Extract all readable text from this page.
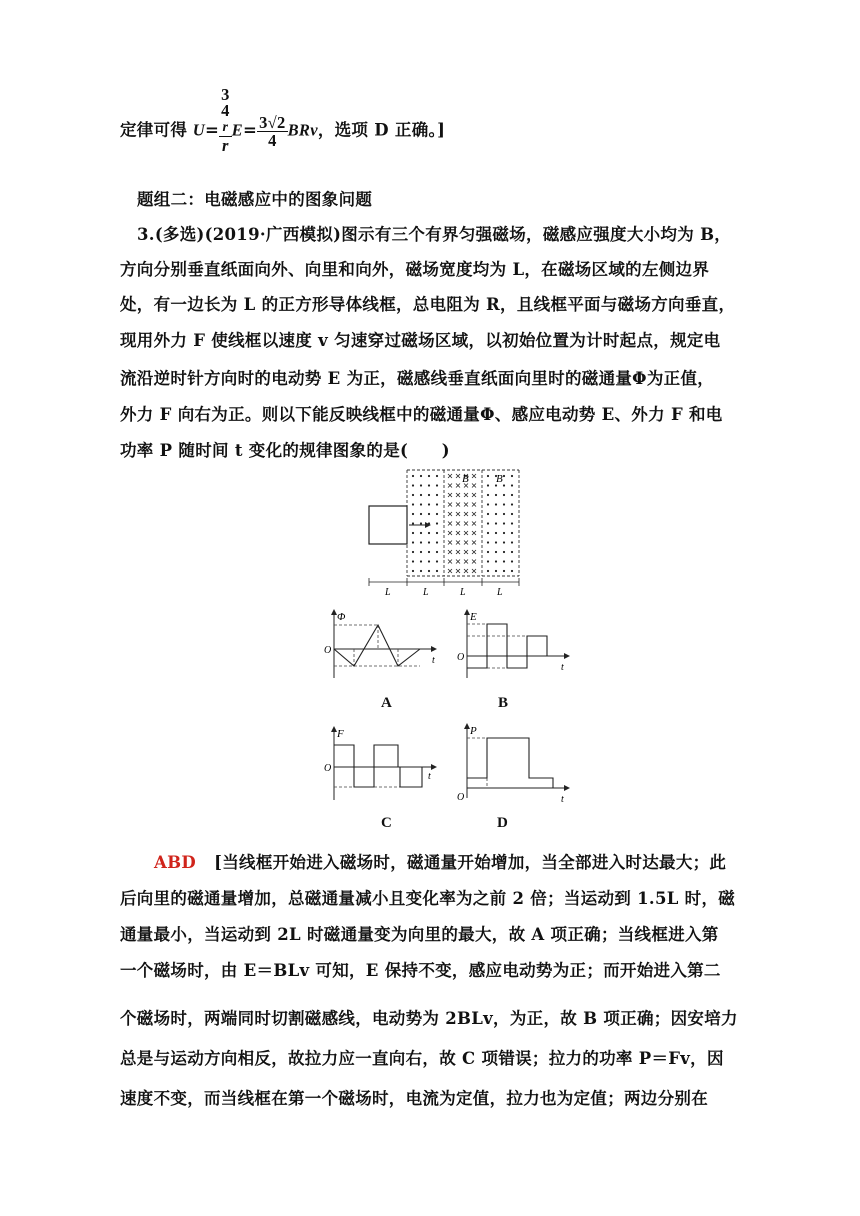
定律可得 U= 3
4
r
r $E= \frac{3√2}{4}$ BRv，选项 D 正确。]
题组二：电磁感应中的图象问题
3.(多选)(2019·广西模拟)图示有三个有界匀强磁场，磁感应强度大小均为 B，
方向分别垂直纸面向外、向里和向外，磁场宽度均为 L，在磁场区域的左侧边界
处，有一边长为 L 的正方形导体线框，总电阻为 R，且线框平面与磁场方向垂直，
现用外力 F 使线框以速度 v 匀速穿过磁场区域，以初始位置为计时起点，规定电
流沿逆时针方向时的电动势 E 为正，磁感线垂直纸面向里时的磁通量Φ为正值，
外力 F 向右为正。则以下能反映线框中的磁通量Φ、感应电动势 E、外力 F 和电
功率 P 随时间 t 变化的规律图象的是(　　)
B B
L	L	L	L
Φ
t
O
A
E
t
O
B
F
t
O
C
P
t
O
D
ABD [当线框开始进入磁场时，磁通量开始增加，当全部进入时达最大；此
后向里的磁通量增加，总磁通量减小且变化率为之前 2 倍；当运动到 1.5L 时，磁
通量最小，当运动到 2L 时磁通量变为向里的最大，故 A 项正确；当线框进入第
一个磁场时，由 E＝BLv 可知，E 保持不变，感应电动势为正；而开始进入第二
个磁场时，两端同时切割磁感线，电动势为 2BLv，为正，故 B 项正确；因安培力
总是与运动方向相反，故拉力应一直向右，故 C 项错误；拉力的功率 P＝Fv，因
速度不变，而当线框在第一个磁场时，电流为定值，拉力也为定值；两边分别在
